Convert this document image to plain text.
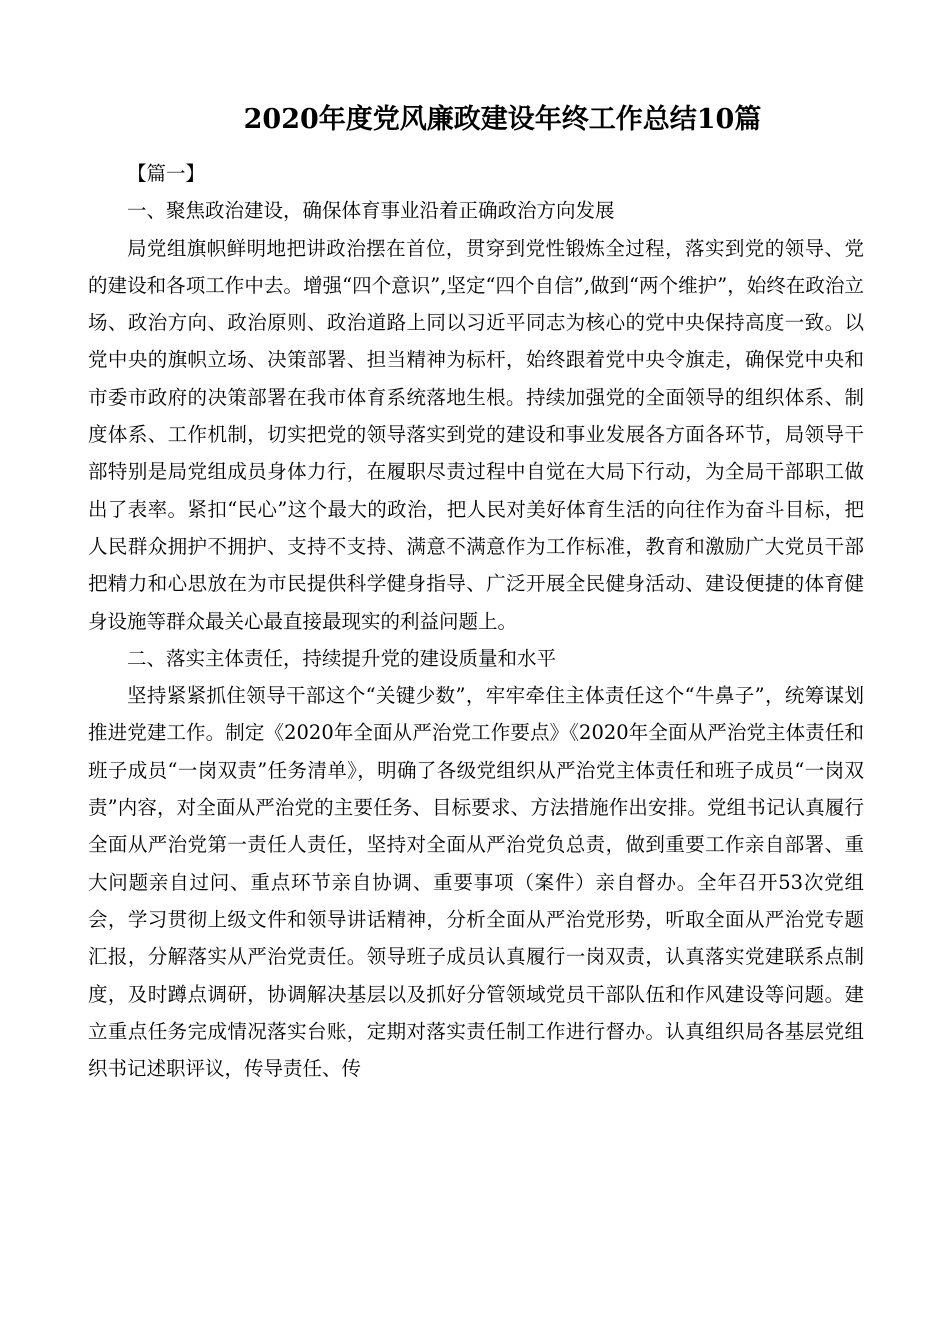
2020年度党风廉政建设年终工作总结10篇

【篇一】

一、聚焦政治建设，确保体育事业沿着正确政治方向发展

局党组旗帜鲜明地把讲政治摆在首位，贯穿到党性锻炼全过程，落实到党的领导、党的建设和各项工作中去。增强“四个意识”,坚定“四个自信”,做到“两个维护”，始终在政治立场、政治方向、政治原则、政治道路上同以习近平同志为核心的党中央保持高度一致。以党中央的旗帜立场、决策部署、担当精神为标杆，始终跟着党中央令旗走，确保党中央和市委市政府的决策部署在我市体育系统落地生根。持续加强党的全面领导的组织体系、制度体系、工作机制，切实把党的领导落实到党的建设和事业发展各方面各环节，局领导干部特别是局党组成员身体力行，在履职尽责过程中自觉在大局下行动，为全局干部职工做出了表率。紧扣“民心”这个最大的政治，把人民对美好体育生活的向往作为奋斗目标，把人民群众拥护不拥护、支持不支持、满意不满意作为工作标准，教育和激励广大党员干部把精力和心思放在为市民提供科学健身指导、广泛开展全民健身活动、建设便捷的体育健身设施等群众最关心最直接最现实的利益问题上。

二、落实主体责任，持续提升党的建设质量和水平

坚持紧紧抓住领导干部这个“关键少数”，牢牢牵住主体责任这个“牛鼻子”，统筹谋划推进党建工作。制定《2020年全面从严治党工作要点》《2020年全面从严治党主体责任和班子成员“一岗双责”任务清单》，明确了各级党组织从严治党主体责任和班子成员“一岗双责”内容，对全面从严治党的主要任务、目标要求、方法措施作出安排。党组书记认真履行全面从严治党第一责任人责任，坚持对全面从严治党负总责，做到重要工作亲自部署、重大问题亲自过问、重点环节亲自协调、重要事项（案件）亲自督办。全年召开53次党组会，学习贯彻上级文件和领导讲话精神，分析全面从严治党形势，听取全面从严治党专题汇报，分解落实从严治党责任。领导班子成员认真履行一岗双责，认真落实党建联系点制度，及时蹲点调研，协调解决基层以及抓好分管领域党员干部队伍和作风建设等问题。建立重点任务完成情况落实台账，定期对落实责任制工作进行督办。认真组织局各基层党组织书记述职评议，传导责任、传
